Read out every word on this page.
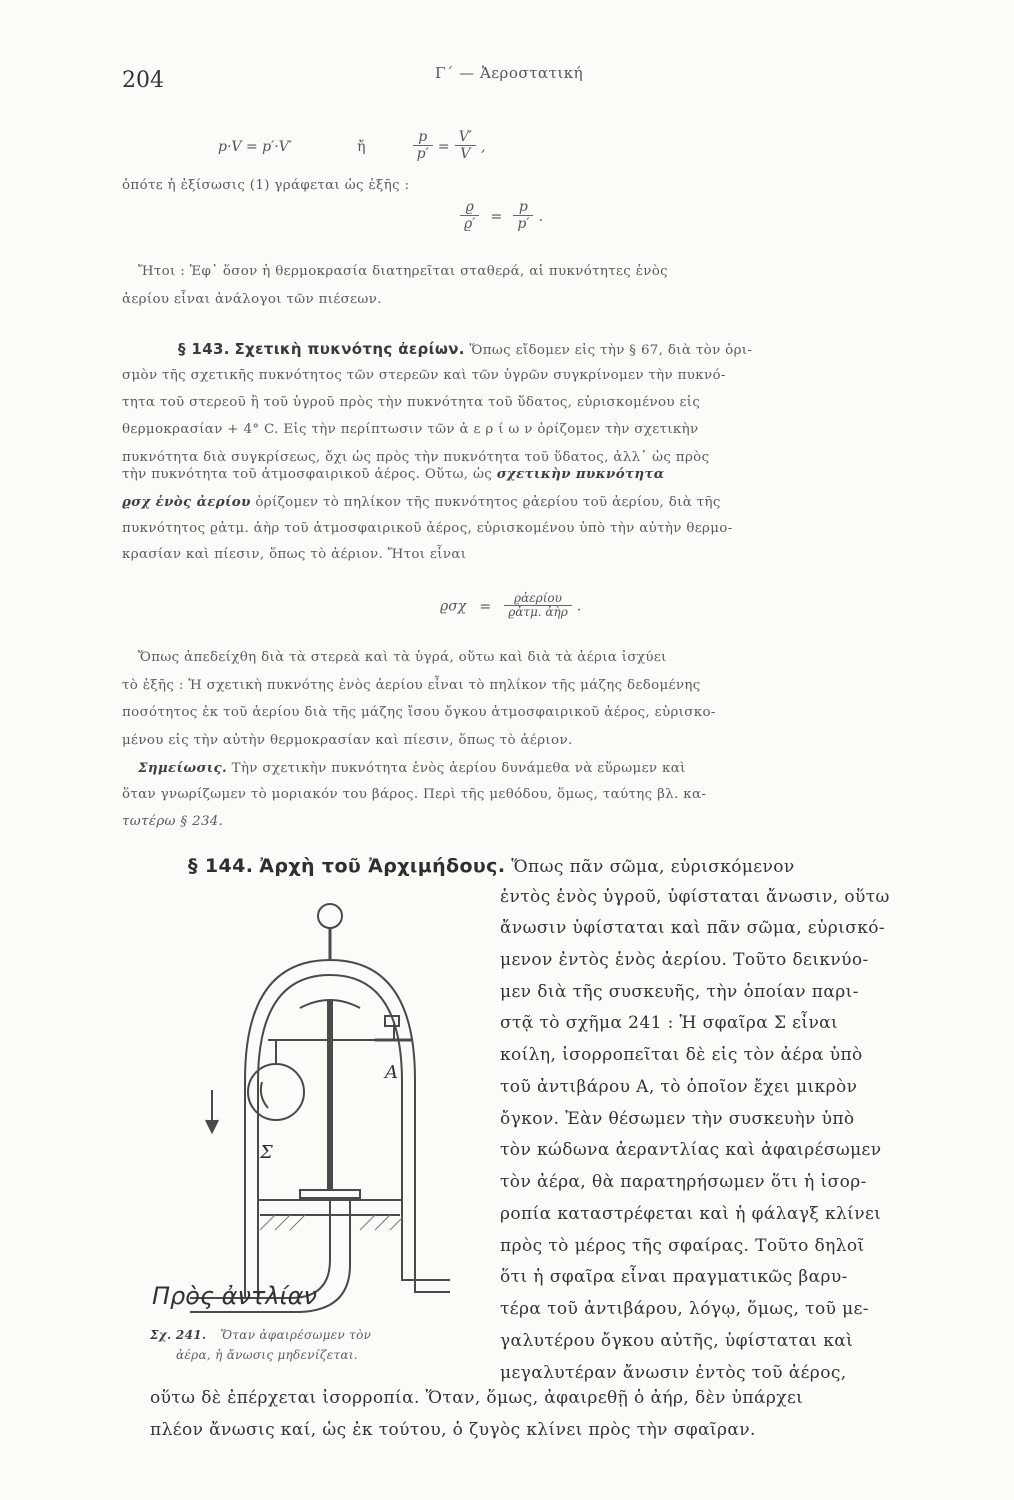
204	Γ΄ — Ἀεροστατική
p·V = p′·V′	ἤ	$\frac{p}{p'} = \frac{V'}{V}$ ,
ὁπότε ἡ ἐξίσωσις (1) γράφεται ὡς ἑξῆς :
$\frac{ϱ}{ϱ'} = \frac{p}{p'}$ .
Ἤτοι : Ἐφ᾽ ὅσον ἡ θερμοκρασία διατηρεῖται σταθερά, αἱ πυκνότητες ἑνὸς
ἀερίου εἶναι ἀνάλογοι τῶν πιέσεων.
§ 143. Σχετικὴ πυκνότης ἀερίων. Ὅπως εἴδομεν εἰς τὴν § 67, διὰ τὸν ὁρι-
σμὸν τῆς σχετικῆς πυκνότητος τῶν στερεῶν καὶ τῶν ὑγρῶν συγκρίνομεν τὴν πυκνό-
τητα τοῦ στερεοῦ ἢ τοῦ ὑγροῦ πρὸς τὴν πυκνότητα τοῦ ὕδατος, εὑρισκομένου εἰς
θερμοκρασίαν + 4° C. Εἰς τὴν περίπτωσιν τῶν ἀ ε ρ ί ω ν ὁρίζομεν τὴν σχετικὴν
πυκνότητα διὰ συγκρίσεως, ὄχι ὡς πρὸς τὴν πυκνότητα τοῦ ὕδατος, ἀλλ᾽ ὡς πρὸς
τὴν πυκνότητα τοῦ ἀτμοσφαιρικοῦ ἀέρος. Οὕτω, ὡς σχετικὴν πυκνότητα
ϱσχ ἑνὸς ἀερίου ὁρίζομεν τὸ πηλίκον τῆς πυκνότητος ϱἀερίου τοῦ ἀερίου, διὰ τῆς
πυκνότητος ϱἀτμ. ἀὴρ τοῦ ἀτμοσφαιρικοῦ ἀέρος, εὑρισκομένου ὑπὸ τὴν αὐτὴν θερμο-
κρασίαν καὶ πίεσιν, ὅπως τὸ ἀέριον. Ἤτοι εἶναι
$ϱ\sigma\chi = \frac{\text{ϱἀερίου}}{\text{ϱἀτμ. ἀὴρ}}$ .
Ὅπως ἀπεδείχθη διὰ τὰ στερεὰ καὶ τὰ ὑγρά, οὕτω καὶ διὰ τὰ ἀέρια ἰσχύει
τὸ ἑξῆς : Ἡ σχετικὴ πυκνότης ἑνὸς ἀερίου εἶναι τὸ πηλίκον τῆς μάζης δεδομένης
ποσότητος ἐκ τοῦ ἀερίου διὰ τῆς μάζης ἴσου ὄγκου ἀτμοσφαιρικοῦ ἀέρος, εὑρισκο-
μένου εἰς τὴν αὐτὴν θερμοκρασίαν καὶ πίεσιν, ὅπως τὸ ἀέριον.
Σημείωσις. Τὴν σχετικὴν πυκνότητα ἑνὸς ἀερίου δυνάμεθα νὰ εὕρωμεν καὶ
ὅταν γνωρίζωμεν τὸ μοριακόν του βάρος. Περὶ τῆς μεθόδου, ὅμως, ταύτης βλ. κα-
τωτέρω § 234.
§ 144. Ἀρχὴ τοῦ Ἀρχιμήδους. Ὅπως πᾶν σῶμα, εὑρισκόμενον
ἐντὸς ἑνὸς ὑγροῦ, ὑφίσταται ἄνωσιν, οὕτω
ἄνωσιν ὑφίσταται καὶ πᾶν σῶμα, εὑρισκό-
μενον ἐντὸς ἑνὸς ἀερίου. Τοῦτο δεικνύο-
μεν διὰ τῆς συσκευῆς, τὴν ὁποίαν παρι-
στᾷ τὸ σχῆμα 241 : Ἡ σφαῖρα Σ εἶναι
κοίλη, ἰσορροπεῖται δὲ εἰς τὸν ἀέρα ὑπὸ
τοῦ ἀντιβάρου Α, τὸ ὁποῖον ἔχει μικρὸν
ὄγκον. Ἐὰν θέσωμεν τὴν συσκευὴν ὑπὸ
τὸν κώδωνα ἀεραντλίας καὶ ἀφαιρέσωμεν
τὸν ἀέρα, θὰ παρατηρήσωμεν ὅτι ἡ ἰσορ-
ροπία καταστρέφεται καὶ ἡ φάλαγξ κλίνει
πρὸς τὸ μέρος τῆς σφαίρας. Τοῦτο δηλοῖ
ὅτι ἡ σφαῖρα εἶναι πραγματικῶς βαρυ-
τέρα τοῦ ἀντιβάρου, λόγῳ, ὅμως, τοῦ με-
γαλυτέρου ὄγκου αὐτῆς, ὑφίσταται καὶ
μεγαλυτέραν ἄνωσιν ἐντὸς τοῦ ἀέρος,
οὕτω δὲ ἐπέρχεται ἰσορροπία. Ὅταν, ὅμως, ἀφαιρεθῇ ὁ ἀήρ, δὲν ὑπάρχει
πλέον ἄνωσις καί, ὡς ἐκ τούτου, ὁ ζυγὸς κλίνει πρὸς τὴν σφαῖραν.
Α
Σ
Πρὸς ἀντλίαν
Σχ. 241. Ὅταν ἀφαιρέσωμεν τὸν
ἀέρα, ἡ ἄνωσις μηδενίζεται.
